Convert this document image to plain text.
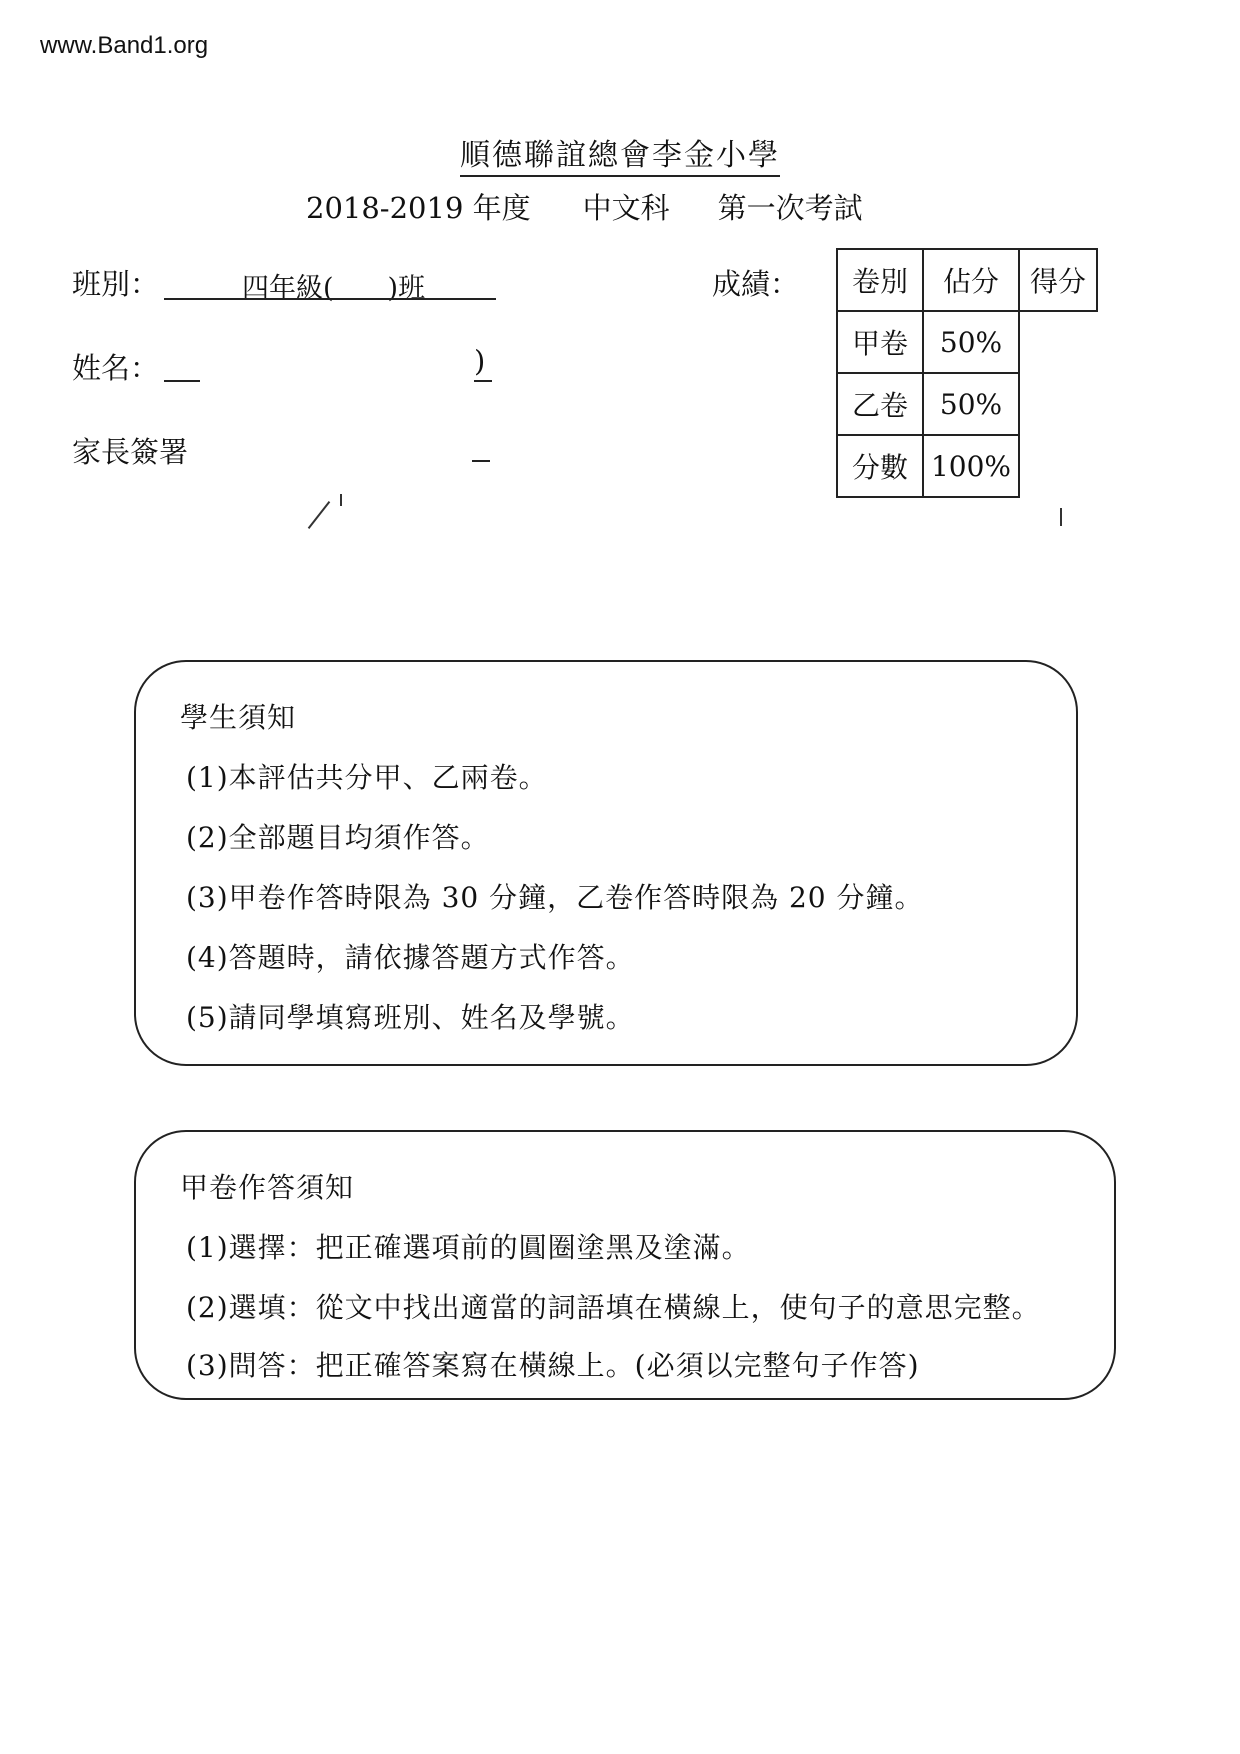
www.Band1.org
順德聯誼總會李金小學
2018-2019 年度 中文科 第一次考試
班別：	四年級( )班	成績：
姓名：	)
家長簽署
卷別	佔分	得分
甲卷	50%	
乙卷	50%	
分數	100%	
學生須知
(1)本評估共分甲、乙兩卷。
(2)全部題目均須作答。
(3)甲卷作答時限為 30 分鐘，乙卷作答時限為 20 分鐘。
(4)答題時，請依據答題方式作答。
(5)請同學填寫班別、姓名及學號。
甲卷作答須知
(1)選擇：把正確選項前的圓圈塗黑及塗滿。
(2)選填：從文中找出適當的詞語填在橫線上，使句子的意思完整。
(3)問答：把正確答案寫在橫線上。(必須以完整句子作答)
